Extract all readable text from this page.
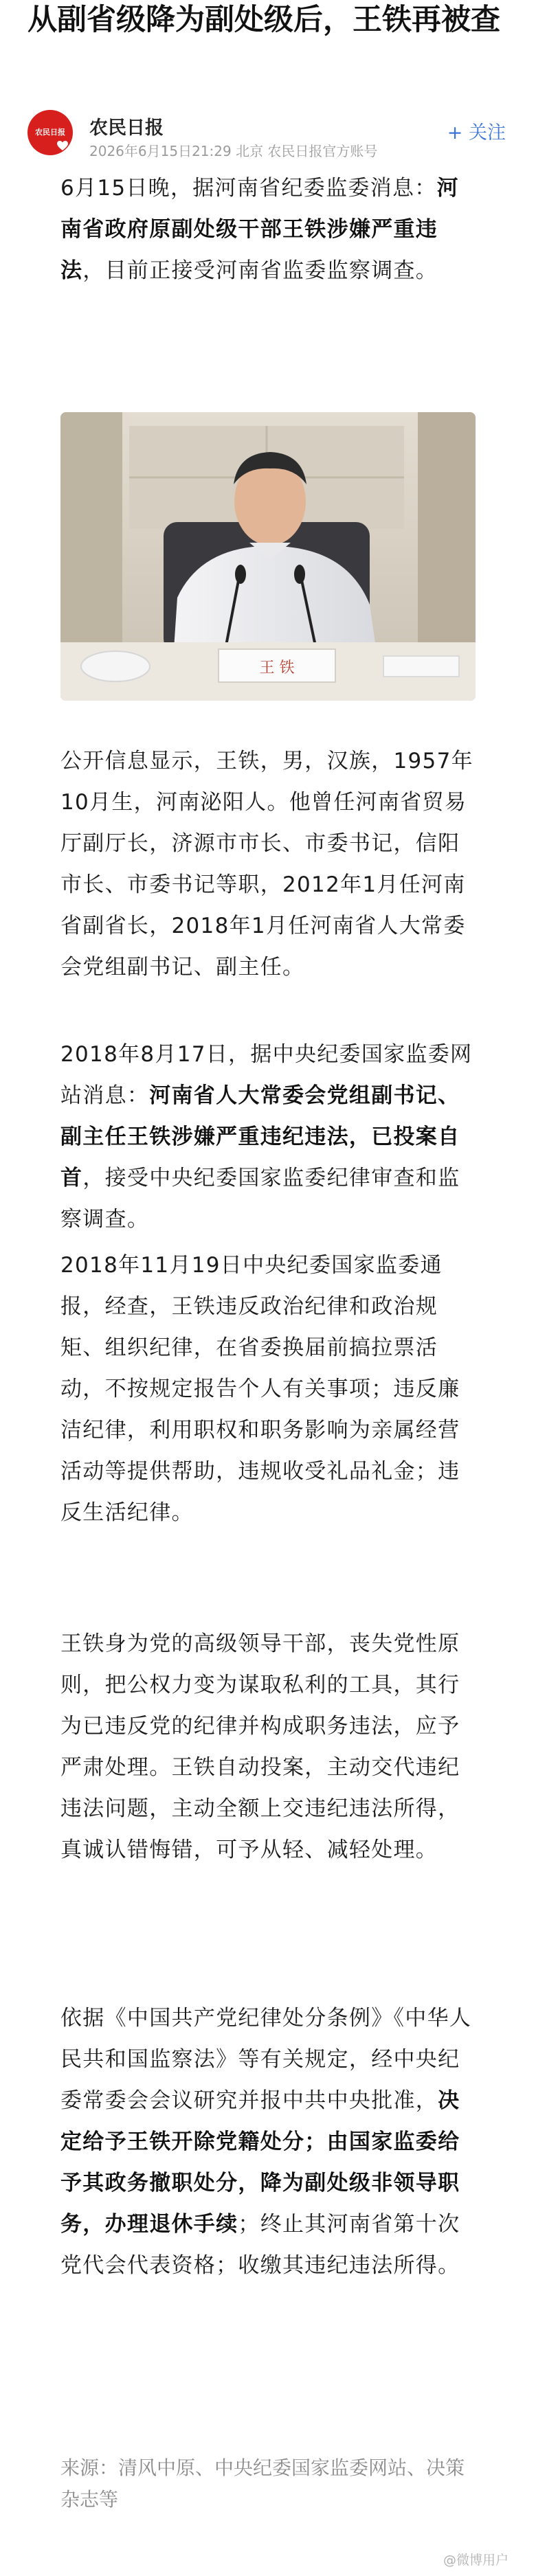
从副省级降为副处级后，王铁再被查
农民日报	农民日报
2026年6月15日21:29 北京 农民日报官方账号
+ 关注

6月15日晚，据河南省纪委监委消息：河南省政府原副处级干部王铁涉嫌严重违法，目前正接受河南省监委监察调查。

王 铁

公开信息显示，王铁，男，汉族，1957年10月生，河南泌阳人。他曾任河南省贸易厅副厅长，济源市市长、市委书记，信阳市长、市委书记等职，2012年1月任河南省副省长，2018年1月任河南省人大常委会党组副书记、副主任。

2018年8月17日，据中央纪委国家监委网站消息：河南省人大常委会党组副书记、副主任王铁涉嫌严重违纪违法，已投案自首，接受中央纪委国家监委纪律审查和监察调查。

2018年11月19日中央纪委国家监委通报，经查，王铁违反政治纪律和政治规矩、组织纪律，在省委换届前搞拉票活动，不按规定报告个人有关事项；违反廉洁纪律，利用职权和职务影响为亲属经营活动等提供帮助，违规收受礼品礼金；违反生活纪律。

王铁身为党的高级领导干部，丧失党性原则，把公权力变为谋取私利的工具，其行为已违反党的纪律并构成职务违法，应予严肃处理。王铁自动投案，主动交代违纪违法问题，主动全额上交违纪违法所得，真诚认错悔错，可予从轻、减轻处理。

依据《中国共产党纪律处分条例》《中华人民共和国监察法》等有关规定，经中央纪委常委会会议研究并报中共中央批准，决定给予王铁开除党籍处分；由国家监委给予其政务撤职处分，降为副处级非领导职务，办理退休手续；终止其河南省第十次党代会代表资格；收缴其违纪违法所得。

来源：清风中原、中央纪委国家监委网站、决策杂志等

@微博用户
